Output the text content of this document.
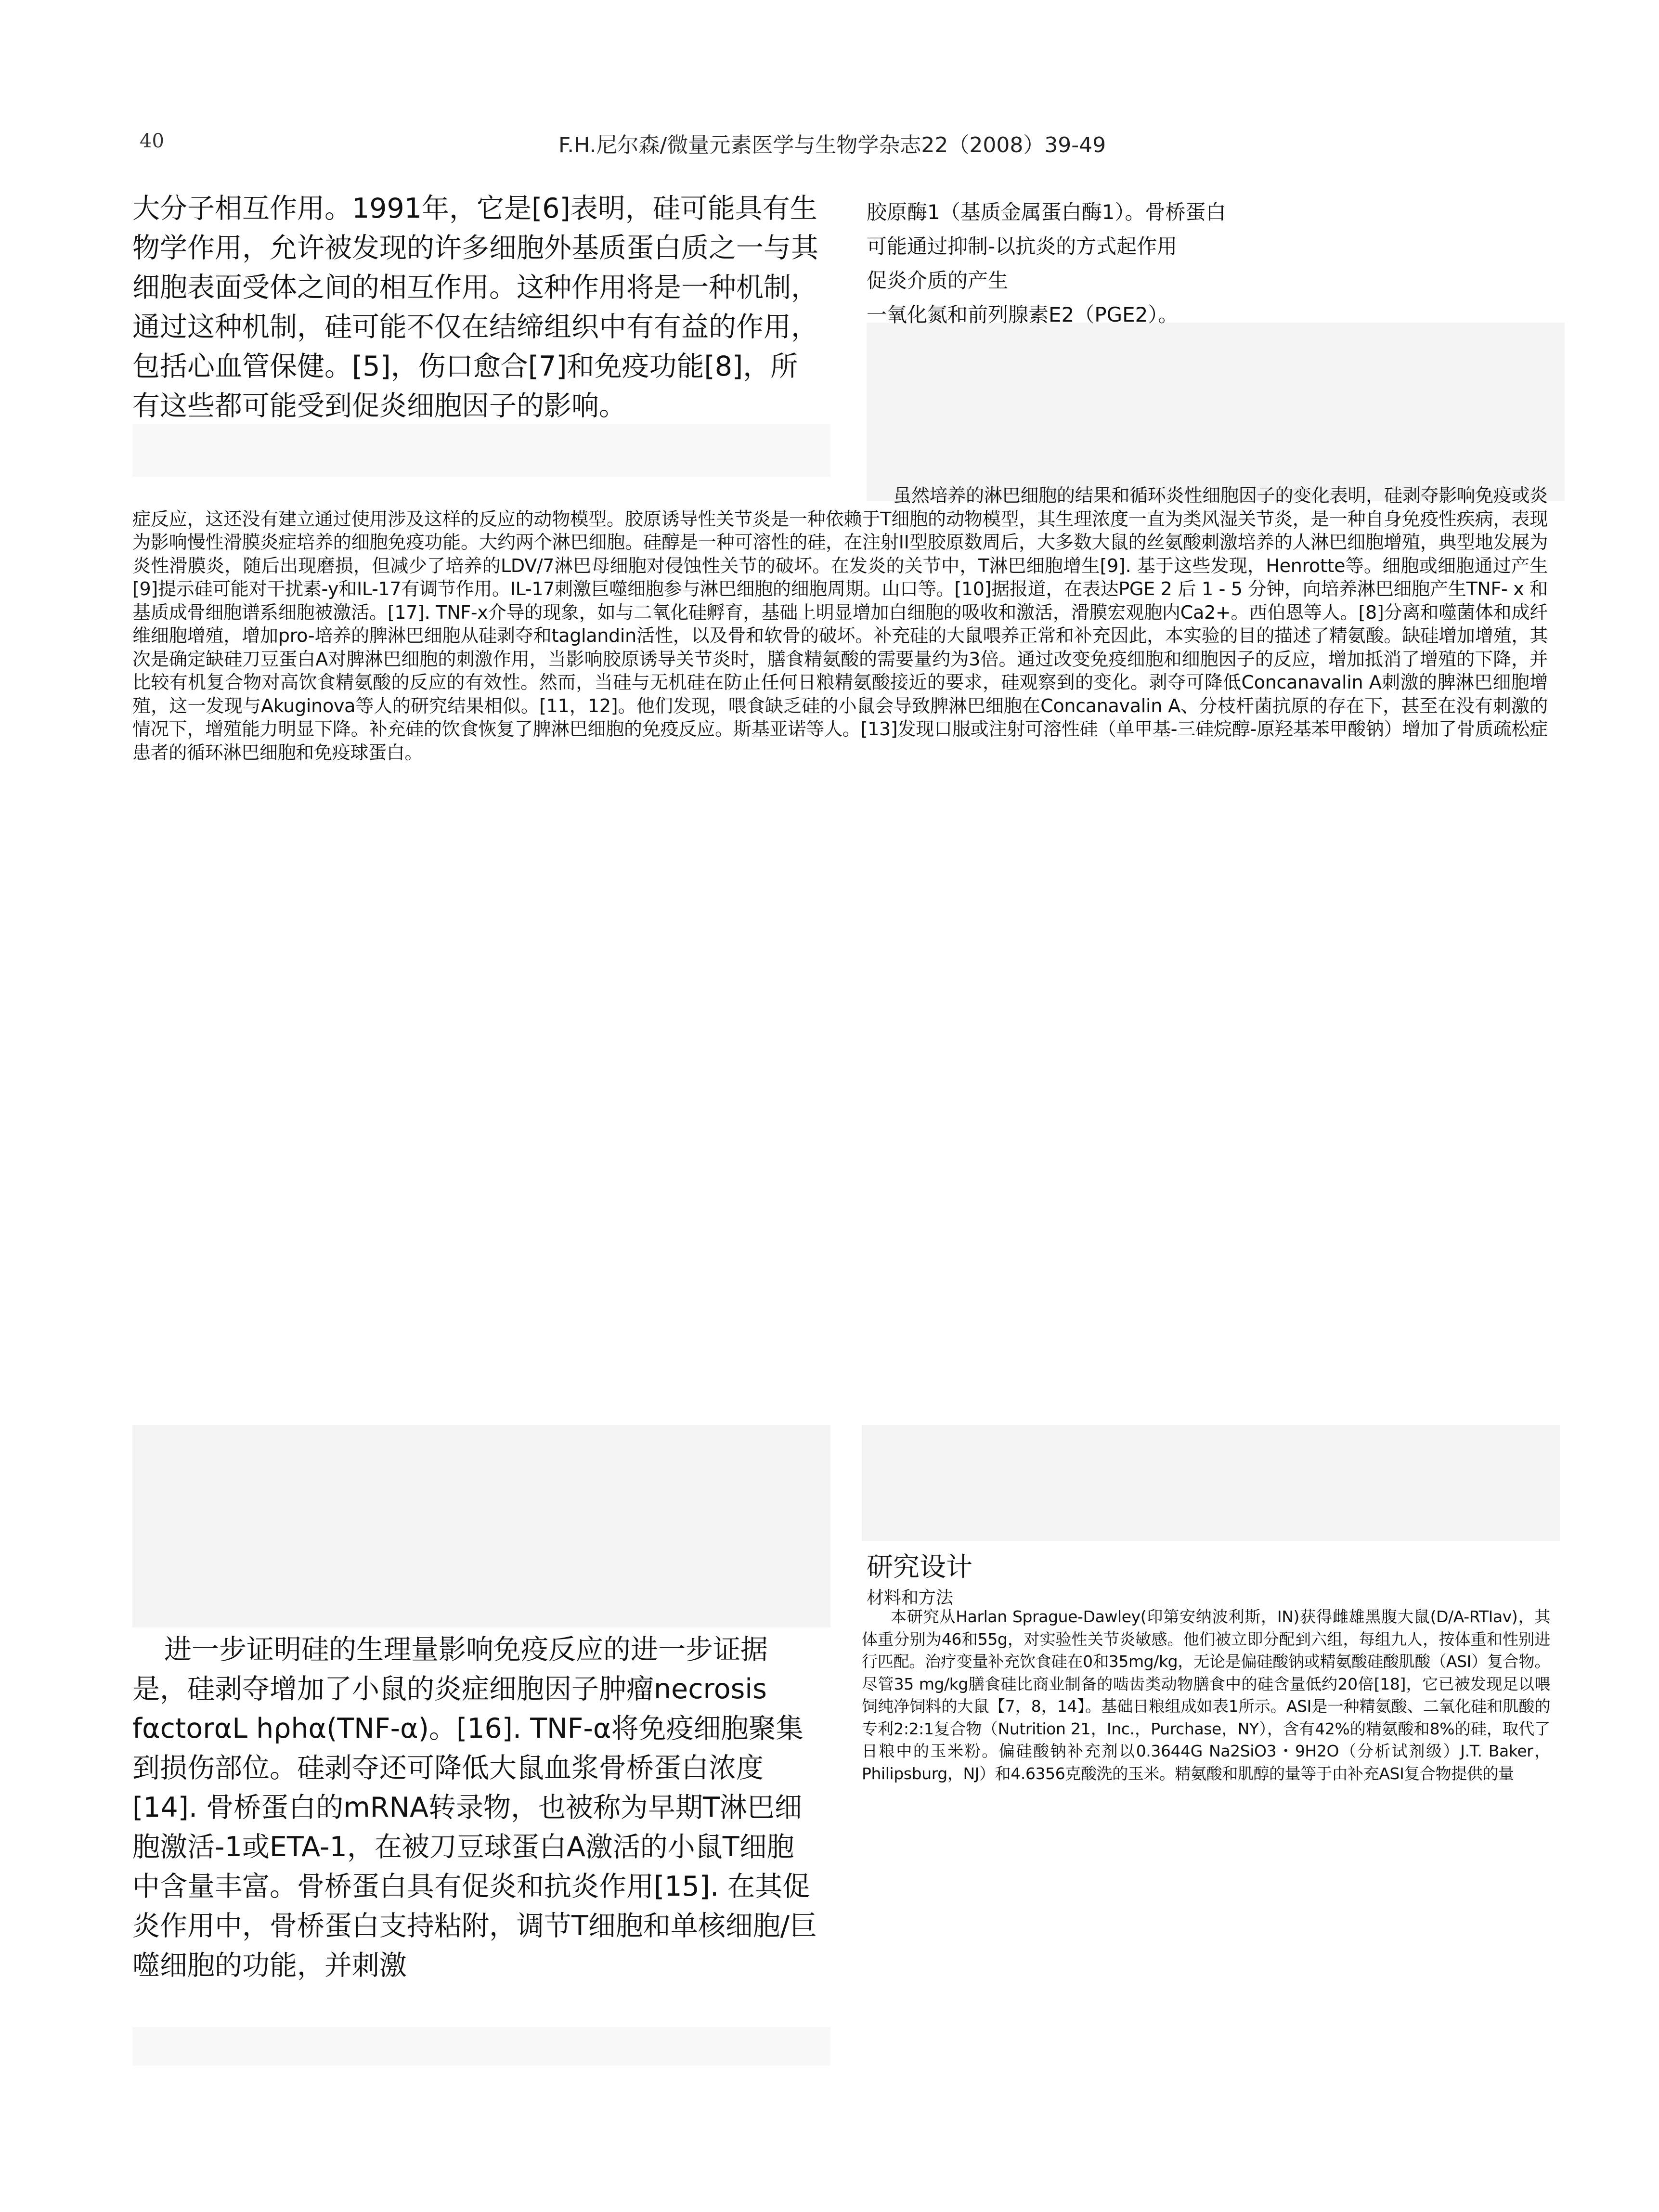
40	F.H.尼尔森/微量元素医学与生物学杂志22（2008）39-49

大分子相互作用。1991年，它是[6]表明，硅可能具有生物学作用，允许被发现的许多细胞外基质蛋白质之一与其细胞表面受体之间的相互作用。这种作用将是一种机制，通过这种机制，硅可能不仅在结缔组织中有有益的作用，包括心血管保健。[5]，伤口愈合[7]和免疫功能[8]，所有这些都可能受到促炎细胞因子的影响。

胶原酶1（基质金属蛋白酶1）。骨桥蛋白
可能通过抑制-以抗炎的方式起作用
促炎介质的产生
一氧化氮和前列腺素E2（PGE2）。

虽然培养的淋巴细胞的结果和循环炎性细胞因子的变化表明，硅剥夺影响免疫或炎症反应，这还没有建立通过使用涉及这样的反应的动物模型。胶原诱导性关节炎是一种依赖于T细胞的动物模型，其生理浓度一直为类风湿关节炎，是一种自身免疫性疾病，表现为影响慢性滑膜炎症培养的细胞免疫功能。大约两个淋巴细胞。硅醇是一种可溶性的硅，在注射II型胶原数周后，大多数大鼠的丝氨酸刺激培养的人淋巴细胞增殖，典型地发展为炎性滑膜炎，随后出现磨损，但减少了培养的LDV/7淋巴母细胞对侵蚀性关节的破坏。在发炎的关节中，T淋巴细胞增生[9]. 基于这些发现，Henrotte等。细胞或细胞通过产生[9]提示硅可能对干扰素-y和IL-17有调节作用。IL-17刺激巨噬细胞参与淋巴细胞的细胞周期。山口等。[10]据报道，在表达PGE 2 后 1 - 5 分钟，向培养淋巴细胞产生TNF- x 和基质成骨细胞谱系细胞被激活。[17]. TNF-x介导的现象，如与二氧化硅孵育，基础上明显增加白细胞的吸收和激活，滑膜宏观胞内Ca2+。西伯恩等人。[8]分离和噬菌体和成纤维细胞增殖，增加pro-培养的脾淋巴细胞从硅剥夺和taglandin活性，以及骨和软骨的破坏。补充硅的大鼠喂养正常和补充因此，本实验的目的描述了精氨酸。缺硅增加增殖，其次是确定缺硅刀豆蛋白A对脾淋巴细胞的刺激作用，当影响胶原诱导关节炎时，膳食精氨酸的需要量约为3倍。通过改变免疫细胞和细胞因子的反应，增加抵消了增殖的下降，并比较有机复合物对高饮食精氨酸的反应的有效性。然而，当硅与无机硅在防止任何日粮精氨酸接近的要求，硅观察到的变化。剥夺可降低Concanavalin A刺激的脾淋巴细胞增殖，这一发现与Akuginova等人的研究结果相似。[11，12]。他们发现，喂食缺乏硅的小鼠会导致脾淋巴细胞在Concanavalin A、分枝杆菌抗原的存在下，甚至在没有刺激的情况下，增殖能力明显下降。补充硅的饮食恢复了脾淋巴细胞的免疫反应。斯基亚诺等人。[13]发现口服或注射可溶性硅（单甲基-三硅烷醇-原羟基苯甲酸钠）增加了骨质疏松症患者的循环淋巴细胞和免疫球蛋白。

进一步证明硅的生理量影响免疫反应的进一步证据是，硅剥夺增加了小鼠的炎症细胞因子肿瘤necrosis fαctorαL hρhα(TNF-α)。[16]. TNF-α将免疫细胞聚集到损伤部位。硅剥夺还可降低大鼠血浆骨桥蛋白浓度[14]. 骨桥蛋白的mRNA转录物，也被称为早期T淋巴细胞激活-1或ETA-1，在被刀豆球蛋白A激活的小鼠T细胞中含量丰富。骨桥蛋白具有促炎和抗炎作用[15]. 在其促炎作用中，骨桥蛋白支持粘附，调节T细胞和单核细胞/巨噬细胞的功能，并刺激

研究设计
材料和方法

本研究从Harlan Sprague-Dawley(印第安纳波利斯，IN)获得雌雄黑腹大鼠(D/A-RTIav)，其体重分别为46和55g，对实验性关节炎敏感。他们被立即分配到六组，每组九人，按体重和性别进行匹配。治疗变量补充饮食硅在0和35mg/kg，无论是偏硅酸钠或精氨酸硅酸肌酸（ASI）复合物。尽管35 mg/kg膳食硅比商业制备的啮齿类动物膳食中的硅含量低约20倍[18]，它已被发现足以喂饲纯净饲料的大鼠【7，8，14】。基础日粮组成如表1所示。ASI是一种精氨酸、二氧化硅和肌酸的专利2:2:1复合物（Nutrition 21，Inc.，Purchase，NY），含有42%的精氨酸和8%的硅，取代了日粮中的玉米粉。偏硅酸钠补充剂以0.3644G Na2SiO3・9H2O（分析试剂级）J.T. Baker，Philipsburg，NJ）和4.6356克酸洗的玉米。精氨酸和肌醇的量等于由补充ASI复合物提供的量
